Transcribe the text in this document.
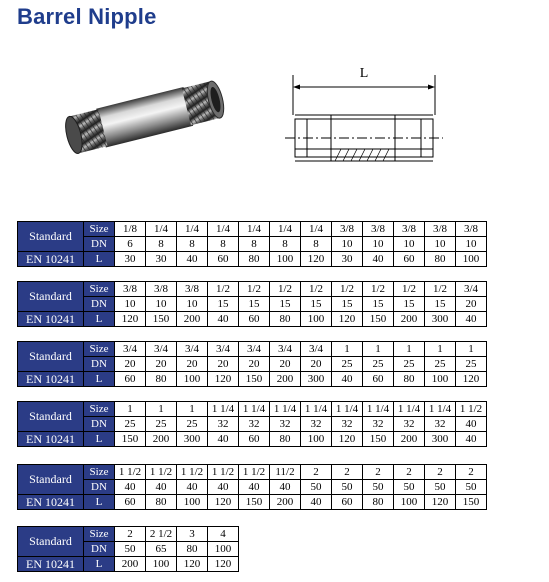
Barrel Nipple
L
Standard	Size	1/8	1/4	1/4	1/4	1/4	1/4	1/4	3/8	3/8	3/8	3/8	3/8
	DN	6	8	8	8	8	8	8	10	10	10	10	10
EN 10241	L	30	30	40	60	80	100	120	30	40	60	80	100
Standard	Size	3/8	3/8	3/8	1/2	1/2	1/2	1/2	1/2	1/2	1/2	1/2	3/4
	DN	10	10	10	15	15	15	15	15	15	15	15	20
EN 10241	L	120	150	200	40	60	80	100	120	150	200	300	40
Standard	Size	3/4	3/4	3/4	3/4	3/4	3/4	3/4	1	1	1	1	1
	DN	20	20	20	20	20	20	20	25	25	25	25	25
EN 10241	L	60	80	100	120	150	200	300	40	60	80	100	120
Standard	Size	1	1	1	1 1/4	1 1/4	1 1/4	1 1/4	1 1/4	1 1/4	1 1/4	1 1/4	1 1/2
	DN	25	25	25	32	32	32	32	32	32	32	32	40
EN 10241	L	150	200	300	40	60	80	100	120	150	200	300	40
Standard	Size	1 1/2	1 1/2	1 1/2	1 1/2	1 1/2	11/2	2	2	2	2	2	2
	DN	40	40	40	40	40	40	50	50	50	50	50	50
EN 10241	L	60	80	100	120	150	200	40	60	80	100	120	150
Standard	Size	2	2 1/2	3	4
	DN	50	65	80	100
EN 10241	L	200	100	120	120
